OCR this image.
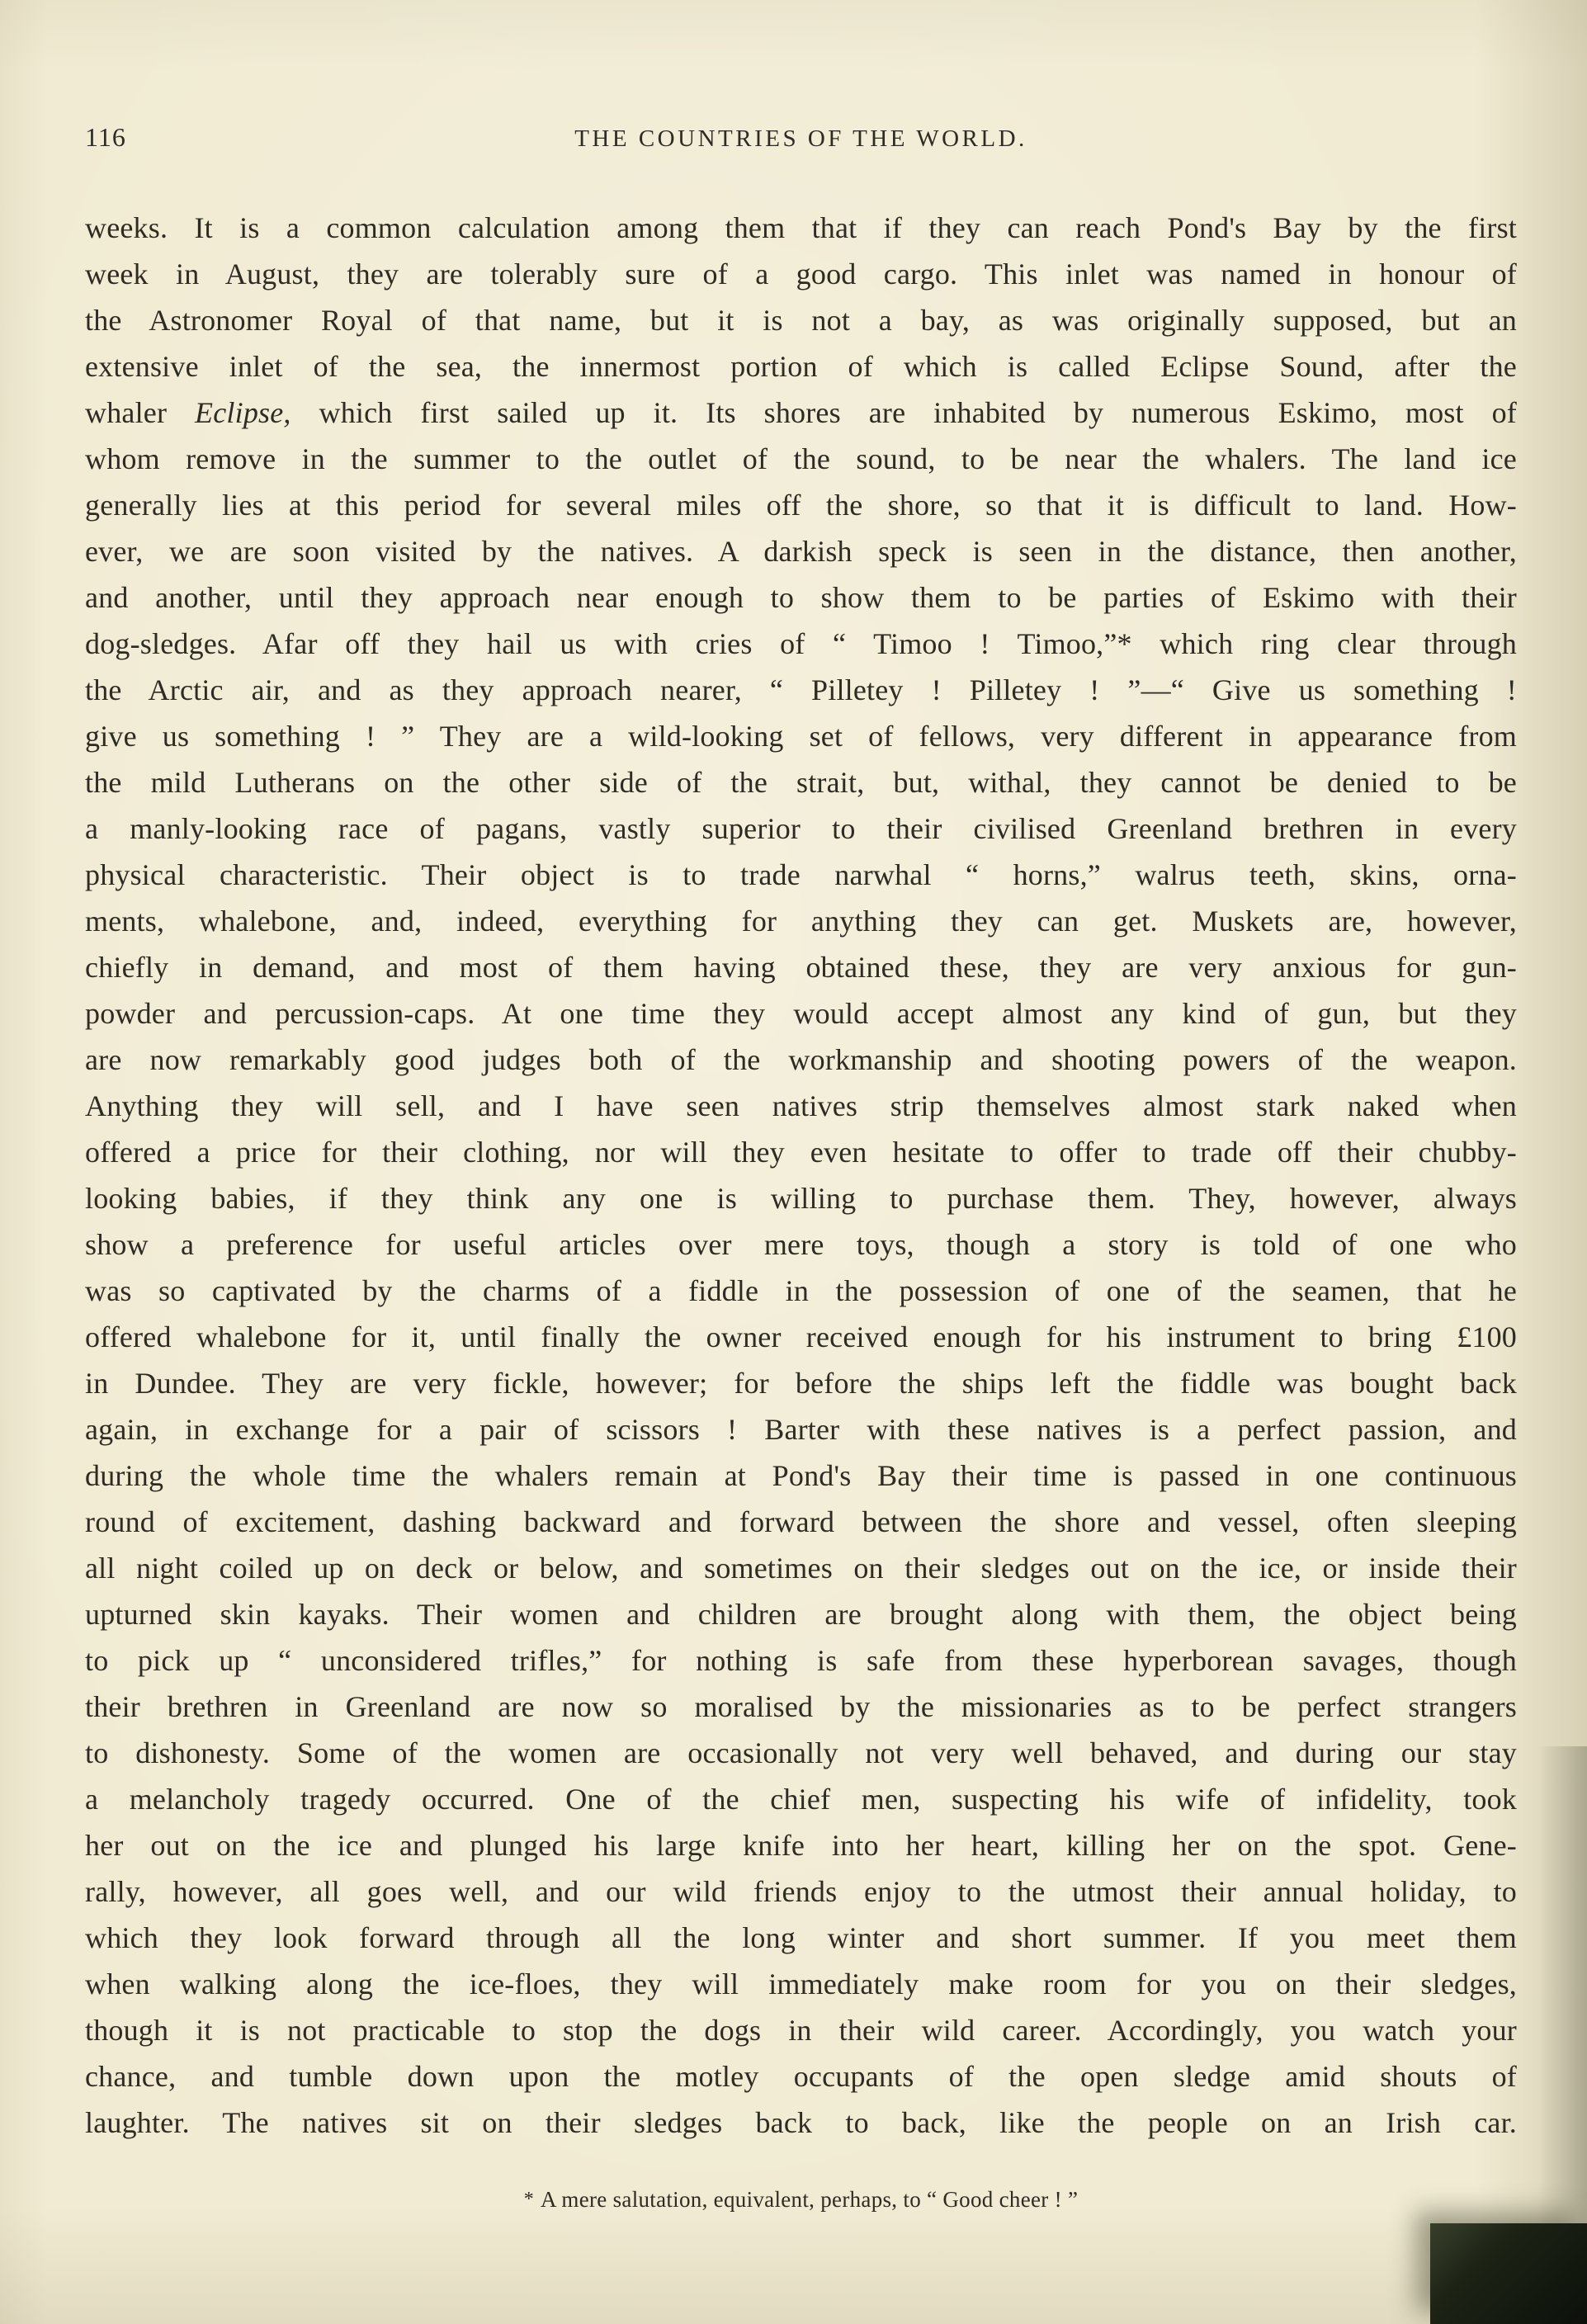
116	THE COUNTRIES OF THE WORLD.
weeks. It is a common calculation among them that if they can reach Pond's Bay by the first
week in August, they are tolerably sure of a good cargo. This inlet was named in honour of
the Astronomer Royal of that name, but it is not a bay, as was originally supposed, but an
extensive inlet of the sea, the innermost portion of which is called Eclipse Sound, after the
whaler Eclipse, which first sailed up it. Its shores are inhabited by numerous Eskimo, most of
whom remove in the summer to the outlet of the sound, to be near the whalers. The land ice
generally lies at this period for several miles off the shore, so that it is difficult to land. How-
ever, we are soon visited by the natives. A darkish speck is seen in the distance, then another,
and another, until they approach near enough to show them to be parties of Eskimo with their
dog-sledges. Afar off they hail us with cries of “ Timoo ! Timoo,”* which ring clear through
the Arctic air, and as they approach nearer, “ Pilletey ! Pilletey ! ”—“ Give us something !
give us something ! ” They are a wild-looking set of fellows, very different in appearance from
the mild Lutherans on the other side of the strait, but, withal, they cannot be denied to be
a manly-looking race of pagans, vastly superior to their civilised Greenland brethren in every
physical characteristic. Their object is to trade narwhal “ horns,” walrus teeth, skins, orna-
ments, whalebone, and, indeed, everything for anything they can get. Muskets are, however,
chiefly in demand, and most of them having obtained these, they are very anxious for gun-
powder and percussion-caps. At one time they would accept almost any kind of gun, but they
are now remarkably good judges both of the workmanship and shooting powers of the weapon.
Anything they will sell, and I have seen natives strip themselves almost stark naked when
offered a price for their clothing, nor will they even hesitate to offer to trade off their chubby-
looking babies, if they think any one is willing to purchase them. They, however, always
show a preference for useful articles over mere toys, though a story is told of one who
was so captivated by the charms of a fiddle in the possession of one of the seamen, that he
offered whalebone for it, until finally the owner received enough for his instrument to bring £100
in Dundee. They are very fickle, however; for before the ships left the fiddle was bought back
again, in exchange for a pair of scissors ! Barter with these natives is a perfect passion, and
during the whole time the whalers remain at Pond's Bay their time is passed in one continuous
round of excitement, dashing backward and forward between the shore and vessel, often sleeping
all night coiled up on deck or below, and sometimes on their sledges out on the ice, or inside their
upturned skin kayaks. Their women and children are brought along with them, the object being
to pick up “ unconsidered trifles,” for nothing is safe from these hyperborean savages, though
their brethren in Greenland are now so moralised by the missionaries as to be perfect strangers
to dishonesty. Some of the women are occasionally not very well behaved, and during our stay
a melancholy tragedy occurred. One of the chief men, suspecting his wife of infidelity, took
her out on the ice and plunged his large knife into her heart, killing her on the spot. Gene-
rally, however, all goes well, and our wild friends enjoy to the utmost their annual holiday, to
which they look forward through all the long winter and short summer. If you meet them
when walking along the ice-floes, they will immediately make room for you on their sledges,
though it is not practicable to stop the dogs in their wild career. Accordingly, you watch your
chance, and tumble down upon the motley occupants of the open sledge amid shouts of
laughter. The natives sit on their sledges back to back, like the people on an Irish car.
* A mere salutation, equivalent, perhaps, to “ Good cheer ! ”
